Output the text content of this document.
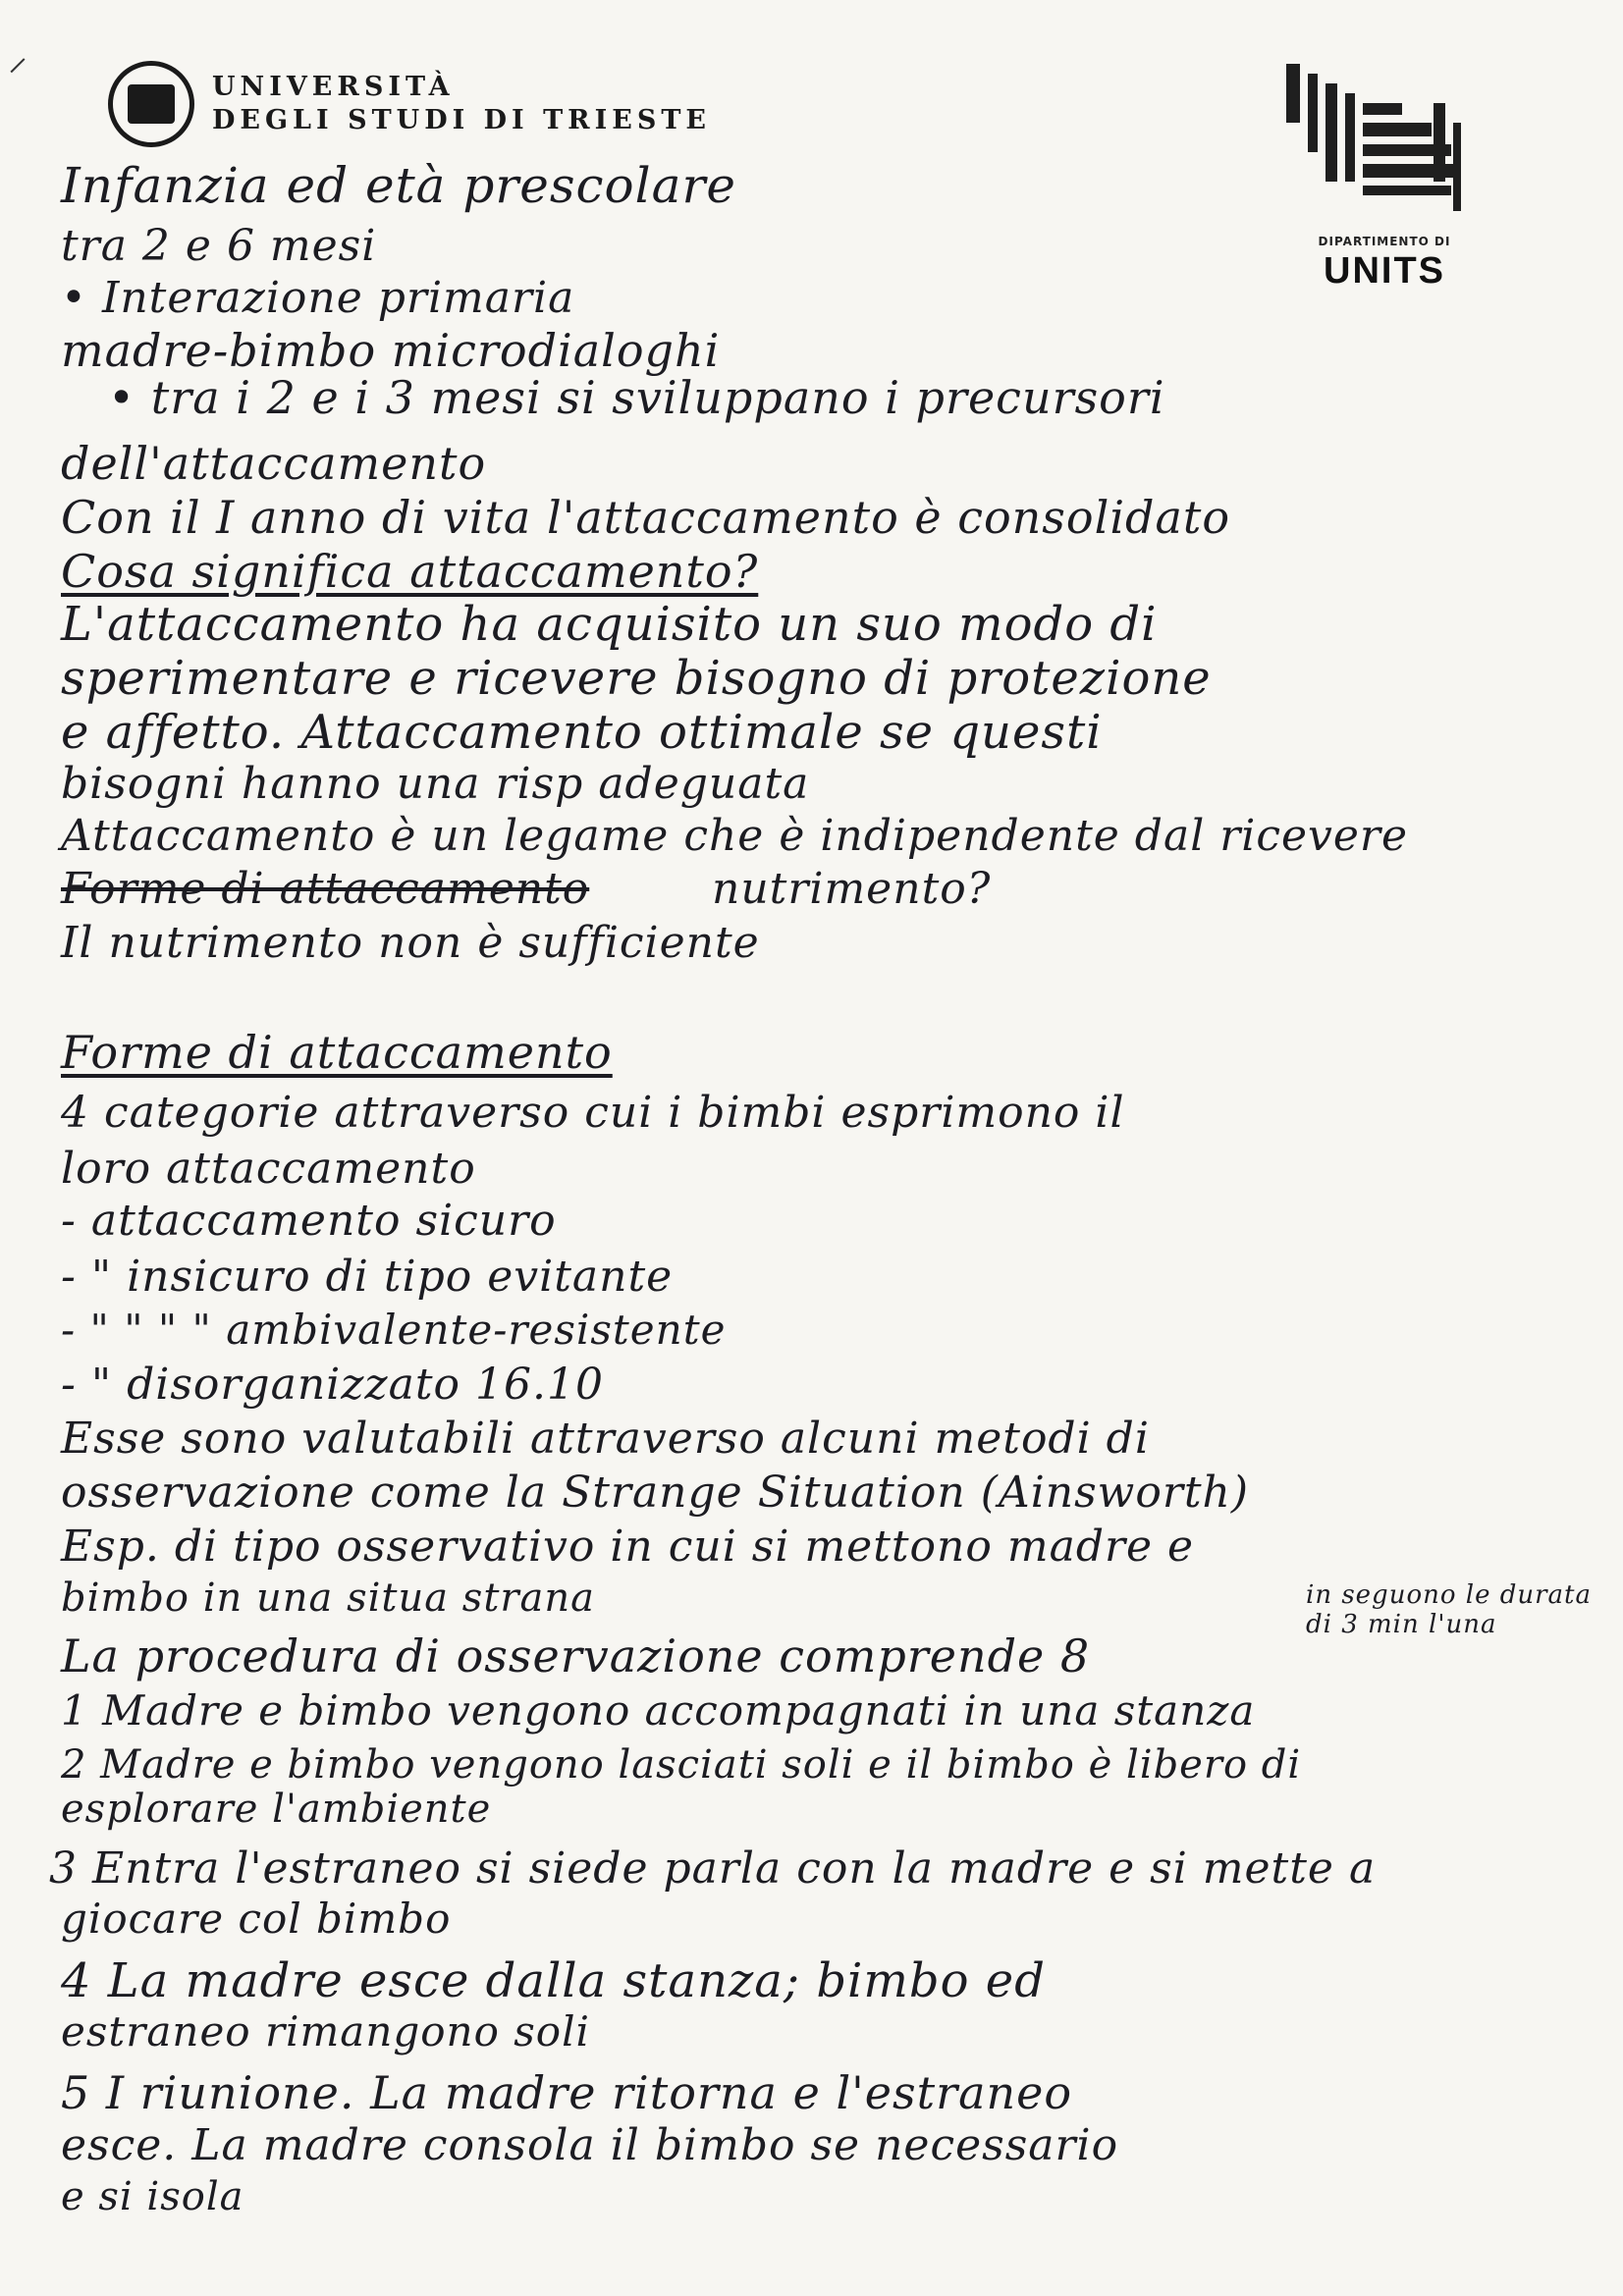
⸝
UNIVERSITÀ
DEGLI STUDI DI TRIESTE
DIPARTIMENTO DI
UNITS
Infanzia ed età prescolare
tra 2 e 6 mesi
• Interazione primaria
madre-bimbo microdialoghi
• tra i 2 e i 3 mesi si sviluppano i precursori
dell'attaccamento
Con il I anno di vita l'attaccamento è consolidato
Cosa significa attaccamento?
L'attaccamento ha acquisito un suo modo di
sperimentare e ricevere bisogno di protezione
e affetto. Attaccamento ottimale se questi
bisogni hanno una risp adeguata
Attaccamento è un legame che è indipendente dal ricevere
Forme di attaccamento	nutrimento?
Il nutrimento non è sufficiente
Forme di attaccamento
4 categorie attraverso cui i bimbi esprimono il
loro attaccamento
- attaccamento sicuro
- " insicuro di tipo evitante
- " " " " ambivalente-resistente
- " disorganizzato 16.10
Esse sono valutabili attraverso alcuni metodi di
osservazione come la Strange Situation (Ainsworth)
Esp. di tipo osservativo in cui si mettono madre e
bimbo in una situa strana
La procedura di osservazione comprende 8
1 Madre e bimbo vengono accompagnati in una stanza
2 Madre e bimbo vengono lasciati soli e il bimbo è libero di
esplorare l'ambiente
3 Entra l'estraneo si siede parla con la madre e si mette a
giocare col bimbo
4 La madre esce dalla stanza; bimbo ed
estraneo rimangono soli
5 I riunione. La madre ritorna e l'estraneo
esce. La madre consola il bimbo se necessario
e si isola
in seguono le durata di 3 min l'una
